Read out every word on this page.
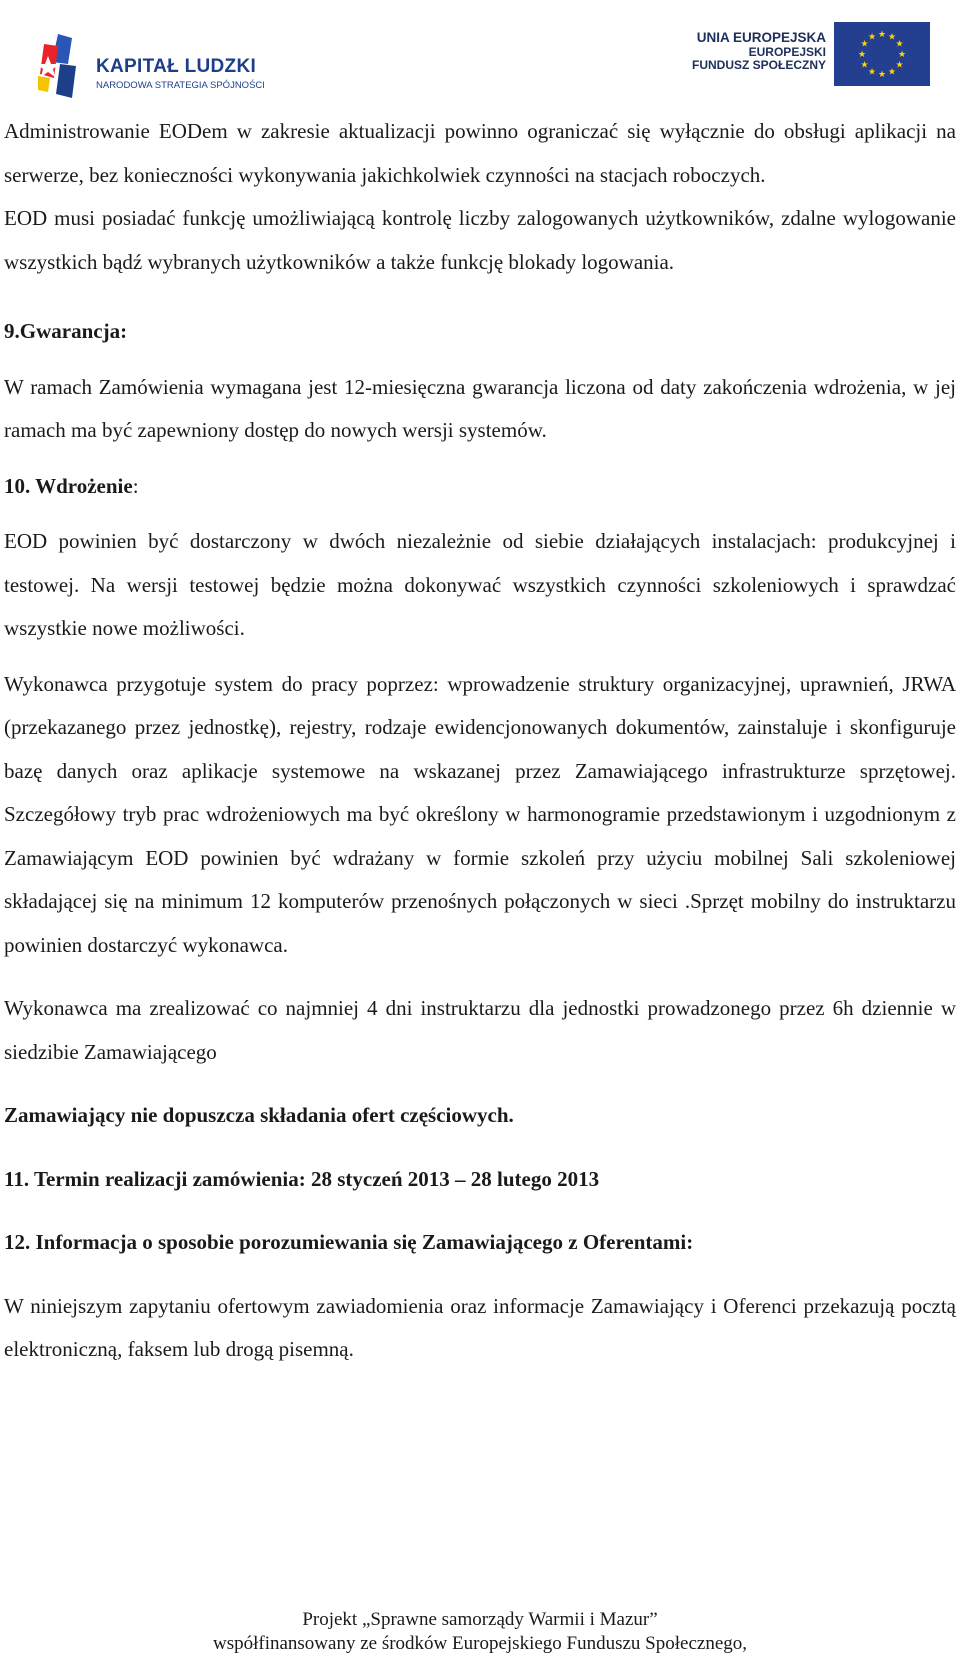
KAPITAŁ LUDZKI
NARODOWA STRATEGIA SPÓJNOŚCI
UNIA EUROPEJSKA
EUROPEJSKI
FUNDUSZ SPOŁECZNY
★ ★
★
★
★
★
★
★
★
★
★
★

Administrowanie EODem w zakresie aktualizacji powinno ograniczać się wyłącznie do obsługi aplikacji na serwerze, bez konieczności wykonywania jakichkolwiek czynności na stacjach roboczych.

EOD musi posiadać funkcję umożliwiającą kontrolę liczby zalogowanych użytkowników, zdalne wylogowanie wszystkich bądź wybranych użytkowników a także funkcję blokady logowania.

9.Gwarancja:

W ramach Zamówienia wymagana jest 12-miesięczna gwarancja liczona od daty zakończenia wdrożenia, w jej ramach ma być zapewniony dostęp do nowych wersji systemów.

10. Wdrożenie:

EOD powinien być dostarczony w dwóch niezależnie od siebie działających instalacjach: produkcyjnej i testowej. Na wersji testowej będzie można dokonywać wszystkich czynności szkoleniowych i sprawdzać wszystkie nowe możliwości.

Wykonawca przygotuje system do pracy poprzez: wprowadzenie struktury organizacyjnej, uprawnień, JRWA (przekazanego przez jednostkę), rejestry, rodzaje ewidencjonowanych dokumentów, zainstaluje i skonfiguruje bazę danych oraz aplikacje systemowe na wskazanej przez Zamawiającego infrastrukturze sprzętowej. Szczegółowy tryb prac wdrożeniowych ma być określony w harmonogramie przedstawionym i uzgodnionym z Zamawiającym EOD powinien być wdrażany w formie szkoleń przy użyciu mobilnej Sali szkoleniowej składającej się na minimum 12 komputerów przenośnych połączonych w sieci .Sprzęt mobilny do instruktarzu powinien dostarczyć wykonawca.

Wykonawca ma zrealizować co najmniej 4 dni instruktarzu dla jednostki prowadzonego przez 6h dziennie w siedzibie Zamawiającego

Zamawiający nie dopuszcza składania ofert częściowych.

11. Termin realizacji zamówienia: 28 styczeń 2013 – 28 lutego 2013

12. Informacja o sposobie porozumiewania się Zamawiającego z Oferentami:

W niniejszym zapytaniu ofertowym zawiadomienia oraz informacje Zamawiający i Oferenci przekazują pocztą elektroniczną, faksem lub drogą pisemną.

Projekt „Sprawne samorządy Warmii i Mazur”
współfinansowany ze środków Europejskiego Funduszu Społecznego,
